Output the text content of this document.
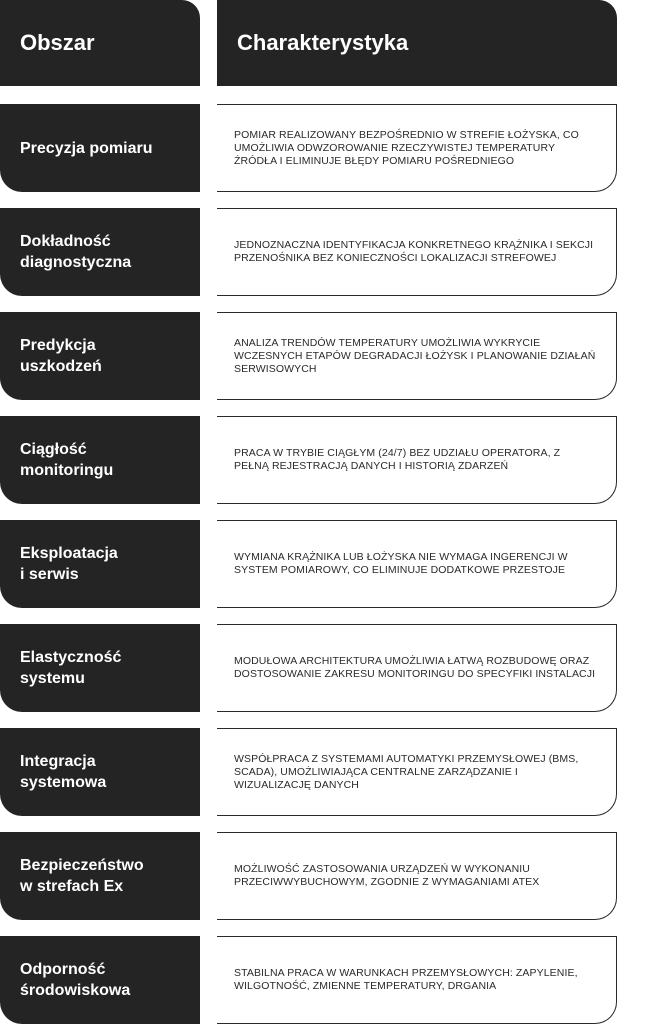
Obszar	Charakterystyka
Precyzja pomiaru
POMIAR REALIZOWANY BEZPOŚREDNIO W STREFIE ŁOŻYSKA, CO UMOŻLIWIA ODWZOROWANIE RZECZYWISTEJ TEMPERATURY ŹRÓDŁA I ELIMINUJE BŁĘDY POMIARU POŚREDNIEGO
Dokładność
diagnostyczna
JEDNOZNACZNA IDENTYFIKACJA KONKRETNEGO KRĄŻNIKA I SEKCJI PRZENOŚNIKA BEZ KONIECZNOŚCI LOKALIZACJI STREFOWEJ
Predykcja
uszkodzeń
ANALIZA TRENDÓW TEMPERATURY UMOŻLIWIA WYKRYCIE WCZESNYCH ETAPÓW DEGRADACJI ŁOŻYSK I PLANOWANIE DZIAŁAŃ SERWISOWYCH
Ciągłość
monitoringu
PRACA W TRYBIE CIĄGŁYM (24/7) BEZ UDZIAŁU OPERATORA, Z PEŁNĄ REJESTRACJĄ DANYCH I HISTORIĄ ZDARZEŃ
Eksploatacja
i serwis
WYMIANA KRĄŻNIKA LUB ŁOŻYSKA NIE WYMAGA INGERENCJI W SYSTEM POMIAROWY, CO ELIMINUJE DODATKOWE PRZESTOJE
Elastyczność
systemu
MODUŁOWA ARCHITEKTURA UMOŻLIWIA ŁATWĄ ROZBUDOWĘ ORAZ DOSTOSOWANIE ZAKRESU MONITORINGU DO SPECYFIKI INSTALACJI
Integracja
systemowa
WSPÓŁPRACA Z SYSTEMAMI AUTOMATYKI PRZEMYSŁOWEJ (BMS, SCADA), UMOŻLIWIAJĄCA CENTRALNE ZARZĄDZANIE I WIZUALIZACJĘ DANYCH
Bezpieczeństwo
w strefach Ex
MOŻLIWOŚĆ ZASTOSOWANIA URZĄDZEŃ W WYKONANIU PRZECIWWYBUCHOWYM, ZGODNIE Z WYMAGANIAMI ATEX
Odporność
środowiskowa
STABILNA PRACA W WARUNKACH PRZEMYSŁOWYCH: ZAPYLENIE, WILGOTNOŚĆ, ZMIENNE TEMPERATURY, DRGANIA
